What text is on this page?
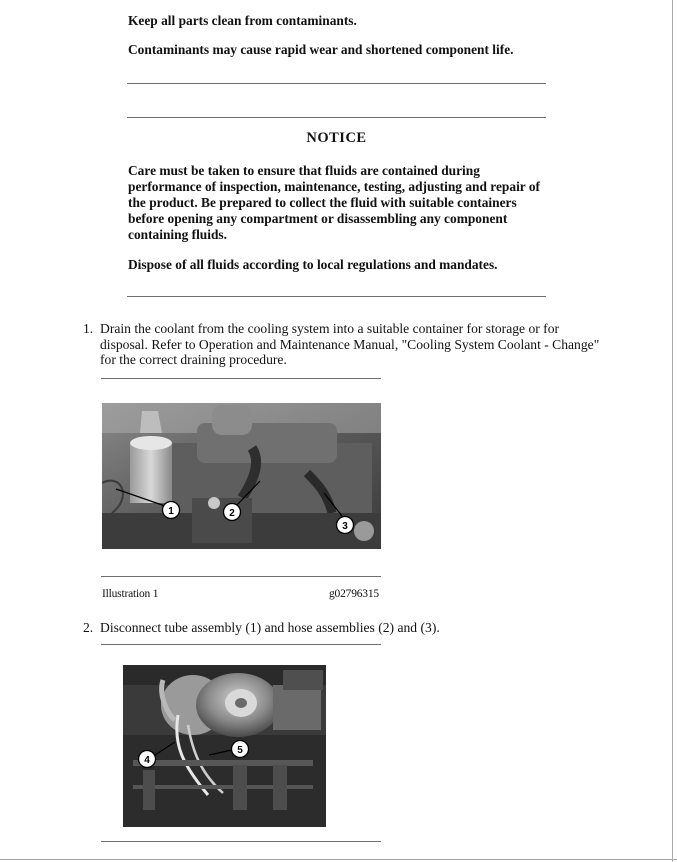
Keep all parts clean from contaminants.
Contaminants may cause rapid wear and shortened component life.
NOTICE
Care must be taken to ensure that fluids are contained during performance of inspection, maintenance, testing, adjusting and repair of the product. Be prepared to collect the fluid with suitable containers before opening any compartment or disassembling any component containing fluids.
Dispose of all fluids according to local regulations and mandates.
1. Drain the coolant from the cooling system into a suitable container for storage or for disposal. Refer to Operation and Maintenance Manual, "Cooling System Coolant - Change" for the correct draining procedure.
1	2
3
Illustration 1	g02796315
2. Disconnect tube assembly (1) and hose assemblies (2) and (3).
4
5
